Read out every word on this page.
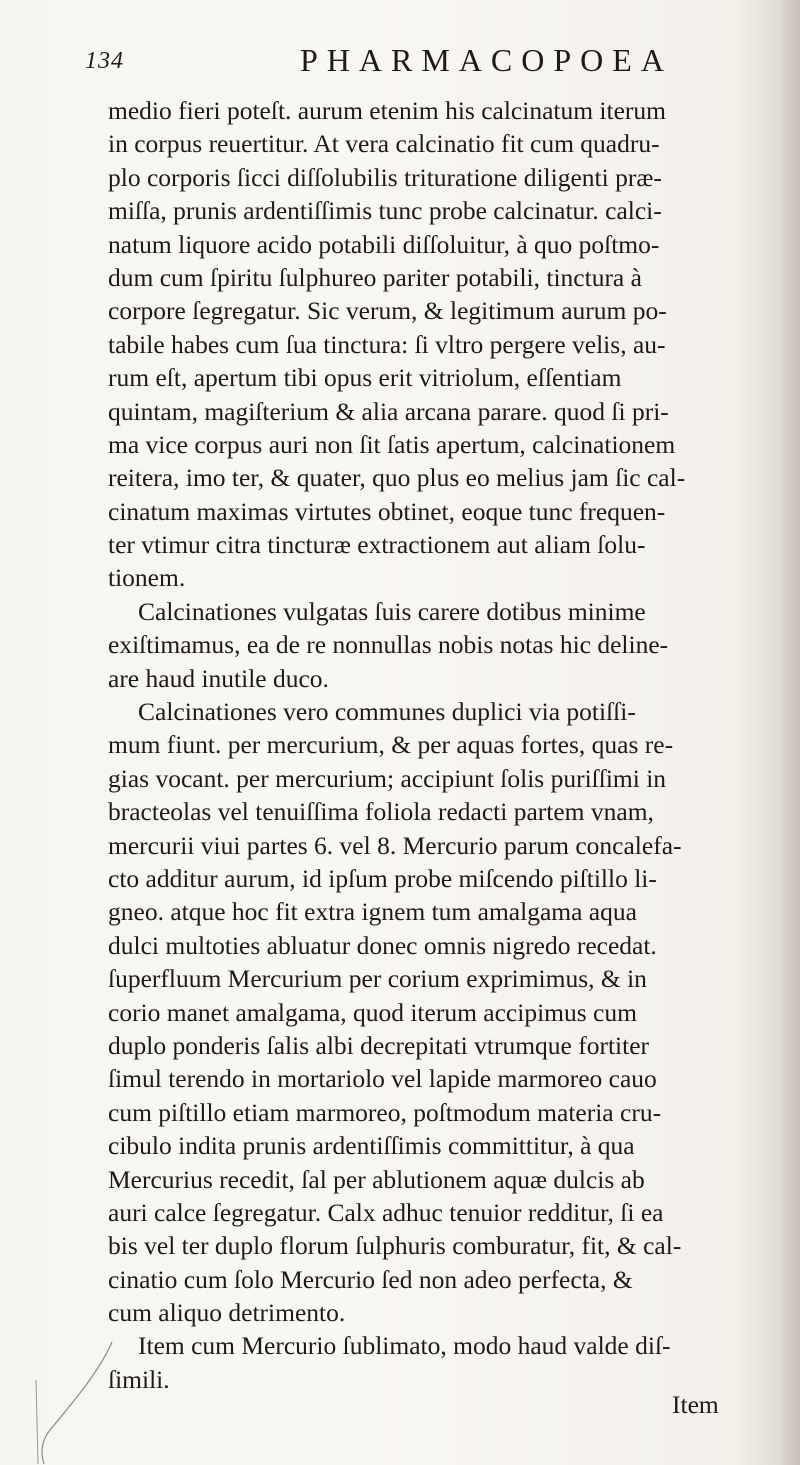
134	PHARMACOPOEA
medio fieri poteſt. aurum etenim his calcinatum iterum
in corpus reuertitur. At vera calcinatio fit cum quadru-
plo corporis ſicci diſſolubilis trituratione diligenti præ-
miſſa, prunis ardentiſſimis tunc probe calcinatur. calci-
natum liquore acido potabili diſſoluitur, à quo poſtmo-
dum cum ſpiritu ſulphureo pariter potabili, tinctura à
corpore ſegregatur. Sic verum, & legitimum aurum po-
tabile habes cum ſua tinctura: ſi vltro pergere velis, au-
rum eſt, apertum tibi opus erit vitriolum, eſſentiam
quintam, magiſterium & alia arcana parare. quod ſi pri-
ma vice corpus auri non ſit ſatis apertum, calcinationem
reitera, imo ter, & quater, quo plus eo melius jam ſic cal-
cinatum maximas virtutes obtinet, eoque tunc frequen-
ter vtimur citra tincturæ extractionem aut aliam ſolu-
tionem.
Calcinationes vulgatas ſuis carere dotibus minime
exiſtimamus, ea de re nonnullas nobis notas hic deline-
are haud inutile duco.
Calcinationes vero communes duplici via potiſſi-
mum fiunt. per mercurium, & per aquas fortes, quas re-
gias vocant. per mercurium; accipiunt ſolis puriſſimi in
bracteolas vel tenuiſſima foliola redacti partem vnam,
mercurii viui partes 6. vel 8. Mercurio parum concalefa-
cto additur aurum, id ipſum probe miſcendo piſtillo li-
gneo. atque hoc fit extra ignem tum amalgama aqua
dulci multoties abluatur donec omnis nigredo recedat.
ſuperfluum Mercurium per corium exprimimus, & in
corio manet amalgama, quod iterum accipimus cum
duplo ponderis ſalis albi decrepitati vtrumque fortiter
ſimul terendo in mortariolo vel lapide marmoreo cauo
cum piſtillo etiam marmoreo, poſtmodum materia cru-
cibulo indita prunis ardentiſſimis committitur, à qua
Mercurius recedit, ſal per ablutionem aquæ dulcis ab
auri calce ſegregatur. Calx adhuc tenuior redditur, ſi ea
bis vel ter duplo florum ſulphuris comburatur, fit, & cal-
cinatio cum ſolo Mercurio ſed non adeo perfecta, &
cum aliquo detrimento.
Item cum Mercurio ſublimato, modo haud valde diſ-
ſimili.
Item
